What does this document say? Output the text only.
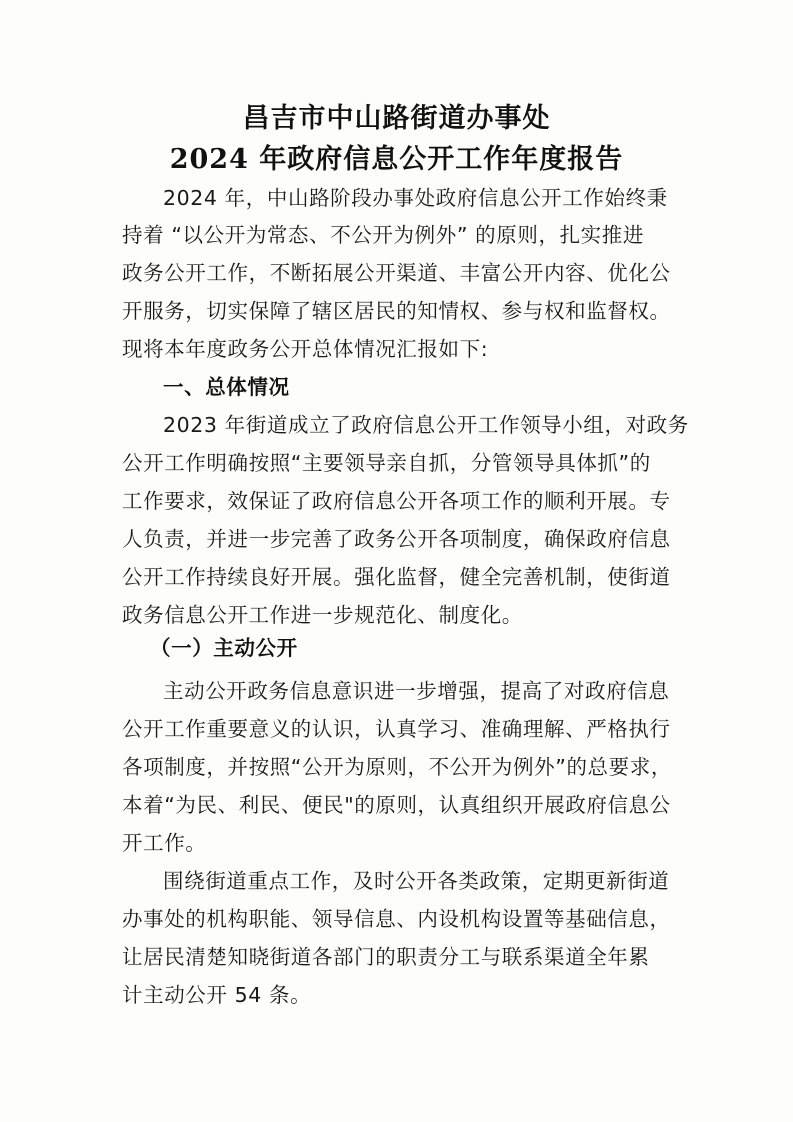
昌吉市中山路街道办事处
2024 年政府信息公开工作年度报告
2024 年，中山路阶段办事处政府信息公开工作始终秉
持着 “以公开为常态、不公开为例外” 的原则，扎实推进
政务公开工作，不断拓展公开渠道、丰富公开内容、优化公
开服务，切实保障了辖区居民的知情权、参与权和监督权。
现将本年度政务公开总体情况汇报如下:
一、总体情况
2023 年街道成立了政府信息公开工作领导小组，对政务
公开工作明确按照“主要领导亲自抓，分管领导具体抓”的
工作要求，效保证了政府信息公开各项工作的顺利开展。专
人负责，并进一步完善了政务公开各项制度，确保政府信息
公开工作持续良好开展。强化监督，健全完善机制，使街道
政务信息公开工作进一步规范化、制度化。
（一）主动公开
主动公开政务信息意识进一步增强，提高了对政府信息
公开工作重要意义的认识，认真学习、准确理解、严格执行
各项制度，并按照“公开为原则，不公开为例外”的总要求，
本着“为民、利民、便民"的原则，认真组织开展政府信息公
开工作。
围绕街道重点工作，及时公开各类政策，定期更新街道
办事处的机构职能、领导信息、内设机构设置等基础信息，
让居民清楚知晓街道各部门的职责分工与联系渠道全年累
计主动公开 54 条。
